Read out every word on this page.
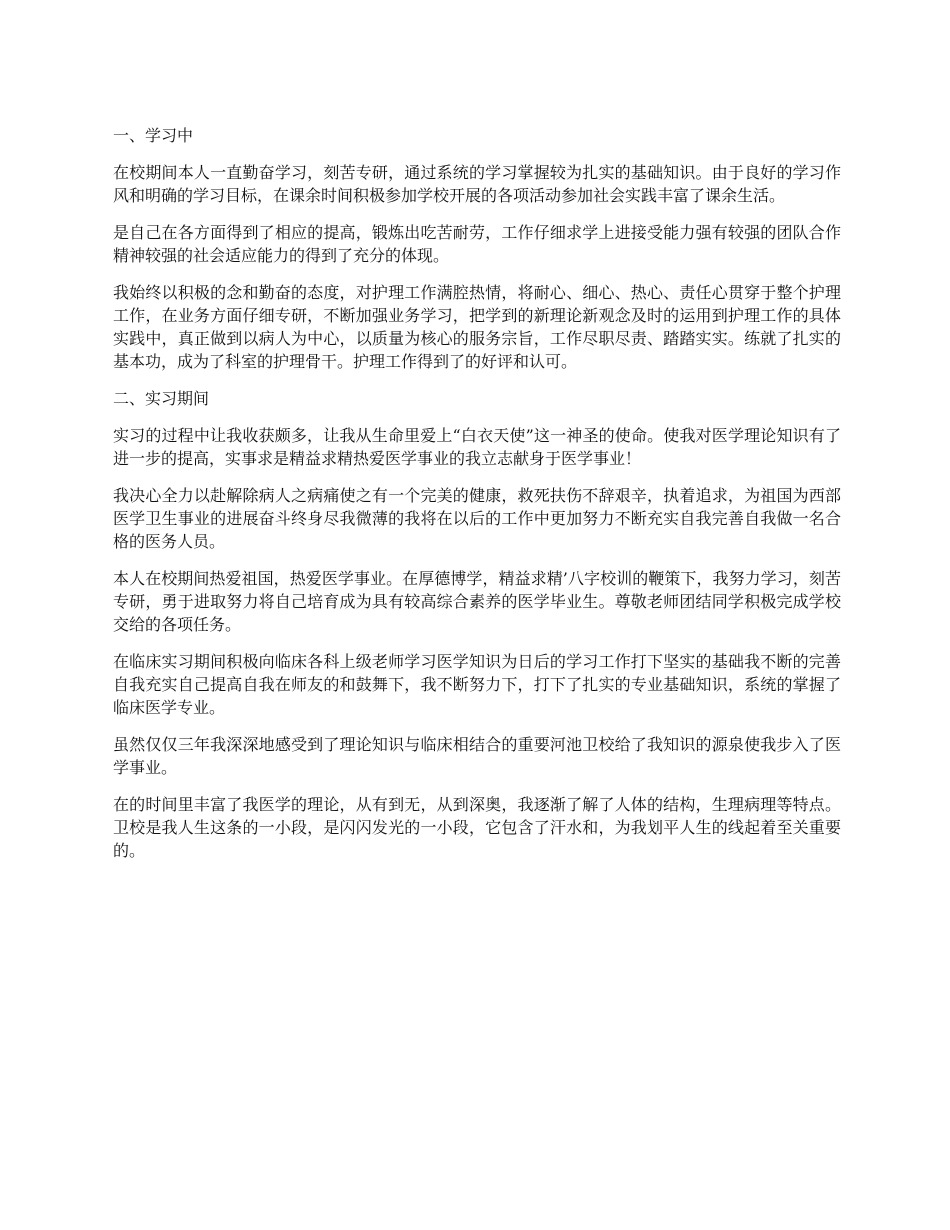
一、学习中

在校期间本人一直勤奋学习，刻苦专研，通过系统的学习掌握较为扎实的基础知识。由于良好的学习作风和明确的学习目标，在课余时间积极参加学校开展的各项活动参加社会实践丰富了课余生活。

是自己在各方面得到了相应的提高，锻炼出吃苦耐劳，工作仔细求学上进接受能力强有较强的团队合作精神较强的社会适应能力的得到了充分的体现。

我始终以积极的念和勤奋的态度，对护理工作满腔热情，将耐心、细心、热心、责任心贯穿于整个护理工作，在业务方面仔细专研，不断加强业务学习，把学到的新理论新观念及时的运用到护理工作的具体实践中，真正做到以病人为中心，以质量为核心的服务宗旨，工作尽职尽责、踏踏实实。练就了扎实的基本功，成为了科室的护理骨干。护理工作得到了的好评和认可。

二、实习期间

实习的过程中让我收获颇多，让我从生命里爱上“白衣天使”这一神圣的使命。使我对医学理论知识有了进一步的提高，实事求是精益求精热爱医学事业的我立志献身于医学事业！

我决心全力以赴解除病人之病痛使之有一个完美的健康，救死扶伤不辞艰辛，执着追求，为祖国为西部医学卫生事业的进展奋斗终身尽我微薄的我将在以后的工作中更加努力不断充实自我完善自我做一名合格的医务人员。

本人在校期间热爱祖国，热爱医学事业。在厚德博学，精益求精’八字校训的鞭策下，我努力学习，刻苦专研，勇于进取努力将自己培育成为具有较高综合素养的医学毕业生。尊敬老师团结同学积极完成学校交给的各项任务。

在临床实习期间积极向临床各科上级老师学习医学知识为日后的学习工作打下坚实的基础我不断的完善自我充实自己提高自我在师友的和鼓舞下，我不断努力下，打下了扎实的专业基础知识，系统的掌握了临床医学专业。

虽然仅仅三年我深深地感受到了理论知识与临床相结合的重要河池卫校给了我知识的源泉使我步入了医学事业。

在的时间里丰富了我医学的理论，从有到无，从到深奥，我逐渐了解了人体的结构，生理病理等特点。卫校是我人生这条的一小段，是闪闪发光的一小段，它包含了汗水和，为我划平人生的线起着至关重要的。
